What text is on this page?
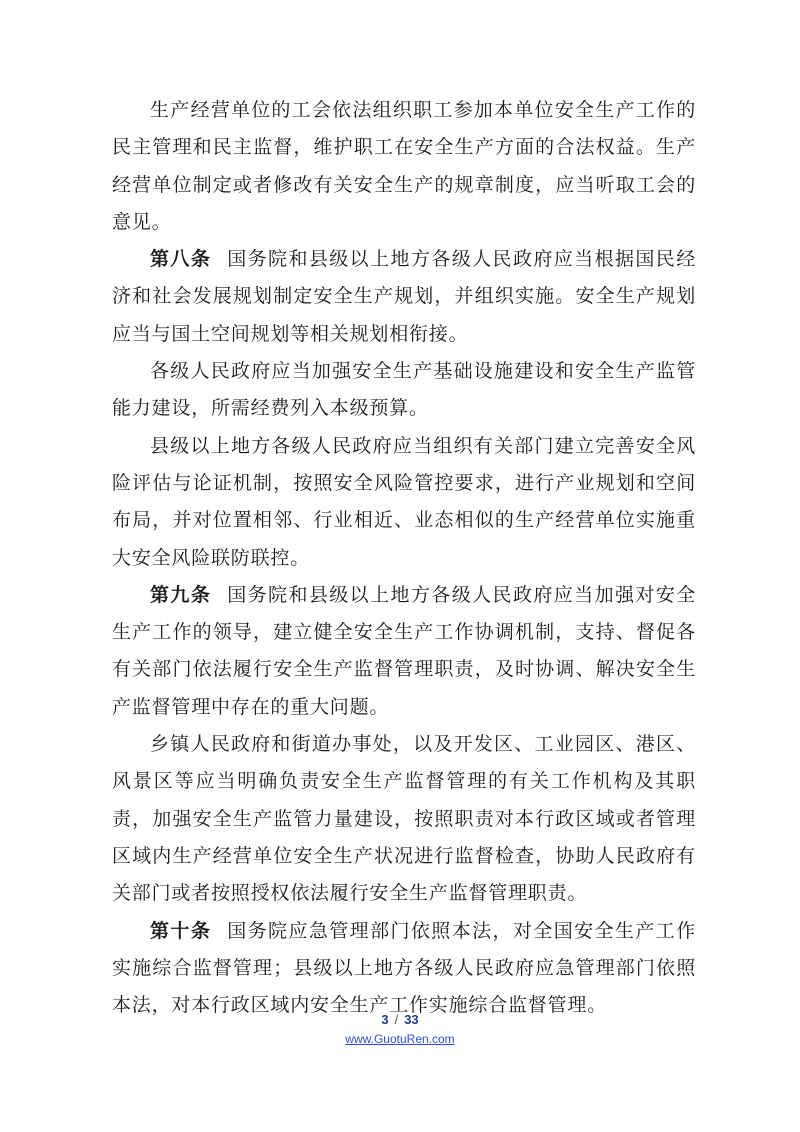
生产经营单位的工会依法组织职工参加本单位安全生产工作的民主管理和民主监督，维护职工在安全生产方面的合法权益。生产经营单位制定或者修改有关安全生产的规章制度，应当听取工会的意见。

第八条 国务院和县级以上地方各级人民政府应当根据国民经济和社会发展规划制定安全生产规划，并组织实施。安全生产规划应当与国土空间规划等相关规划相衔接。

各级人民政府应当加强安全生产基础设施建设和安全生产监管能力建设，所需经费列入本级预算。

县级以上地方各级人民政府应当组织有关部门建立完善安全风险评估与论证机制，按照安全风险管控要求，进行产业规划和空间布局，并对位置相邻、行业相近、业态相似的生产经营单位实施重大安全风险联防联控。

第九条 国务院和县级以上地方各级人民政府应当加强对安全生产工作的领导，建立健全安全生产工作协调机制，支持、督促各有关部门依法履行安全生产监督管理职责，及时协调、解决安全生产监督管理中存在的重大问题。

乡镇人民政府和街道办事处，以及开发区、工业园区、港区、风景区等应当明确负责安全生产监督管理的有关工作机构及其职责，加强安全生产监管力量建设，按照职责对本行政区域或者管理区域内生产经营单位安全生产状况进行监督检查，协助人民政府有关部门或者按照授权依法履行安全生产监督管理职责。

第十条 国务院应急管理部门依照本法，对全国安全生产工作实施综合监督管理；县级以上地方各级人民政府应急管理部门依照本法，对本行政区域内安全生产工作实施综合监督管理。

3 / 33
www.GuotuRen.com
